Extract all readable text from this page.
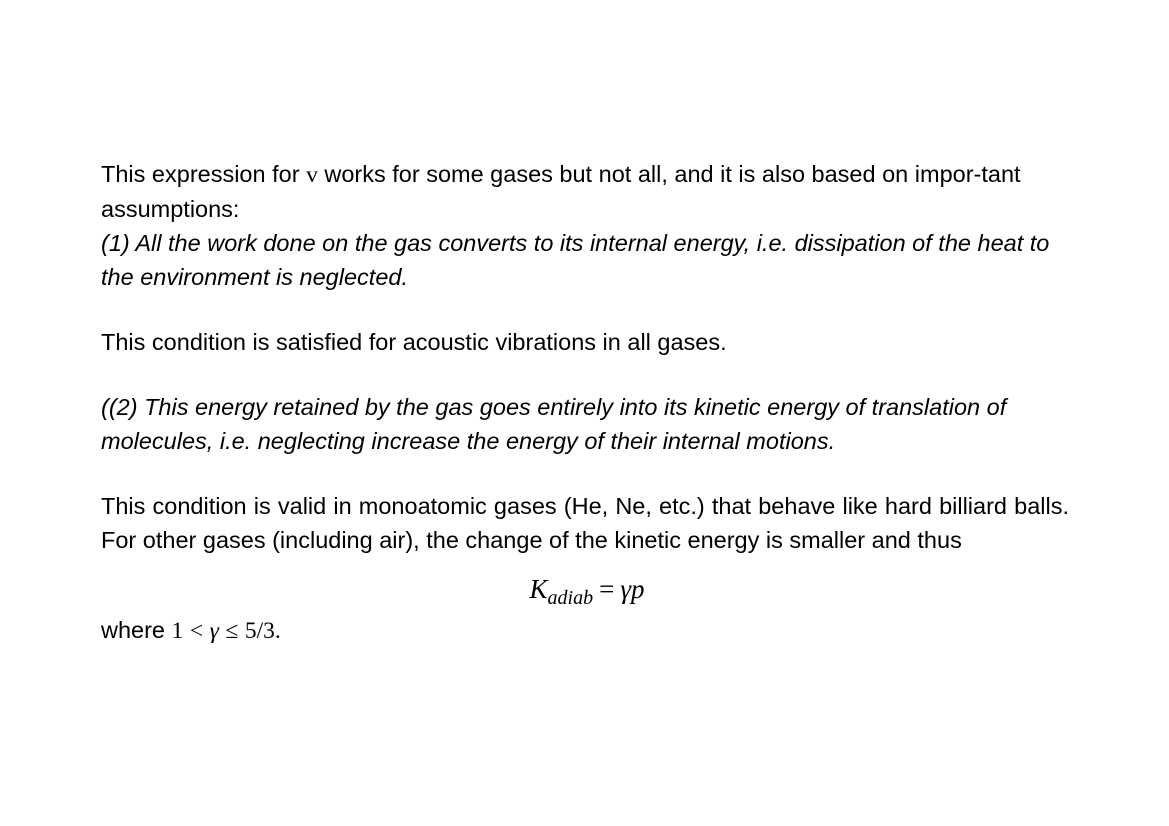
This expression for v works for some gases but not all, and it is also based on impor-tant assumptions:

(1) All the work done on the gas converts to its internal energy, i.e. dissipation of the heat to the environment is neglected.

This condition is satisfied for acoustic vibrations in all gases.

((2) This energy retained by the gas goes entirely into its kinetic energy of translation of molecules, i.e. neglecting increase the energy of their internal motions.

This condition is valid in monoatomic gases (He, Ne, etc.) that behave like hard billiard balls. For other gases (including air), the change of the kinetic energy is smaller and thus

$K_{adiab} = \gamma p$

where 1 < γ ≤ 5/3.
